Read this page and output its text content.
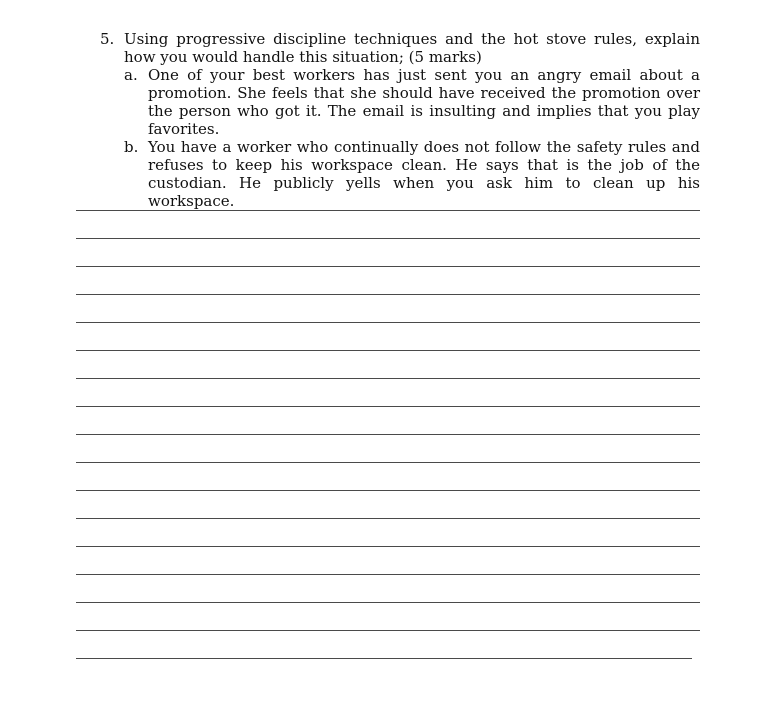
5. Using progressive discipline techniques and the hot stove rules, explain how you would handle this situation; (5 marks)
a. One of your best workers has just sent you an angry email about a promotion. She feels that she should have received the promotion over the person who got it. The email is insulting and implies that you play favorites.
b. You have a worker who continually does not follow the safety rules and refuses to keep his workspace clean. He says that is the job of the custodian. He publicly yells when you ask him to clean up his workspace.
